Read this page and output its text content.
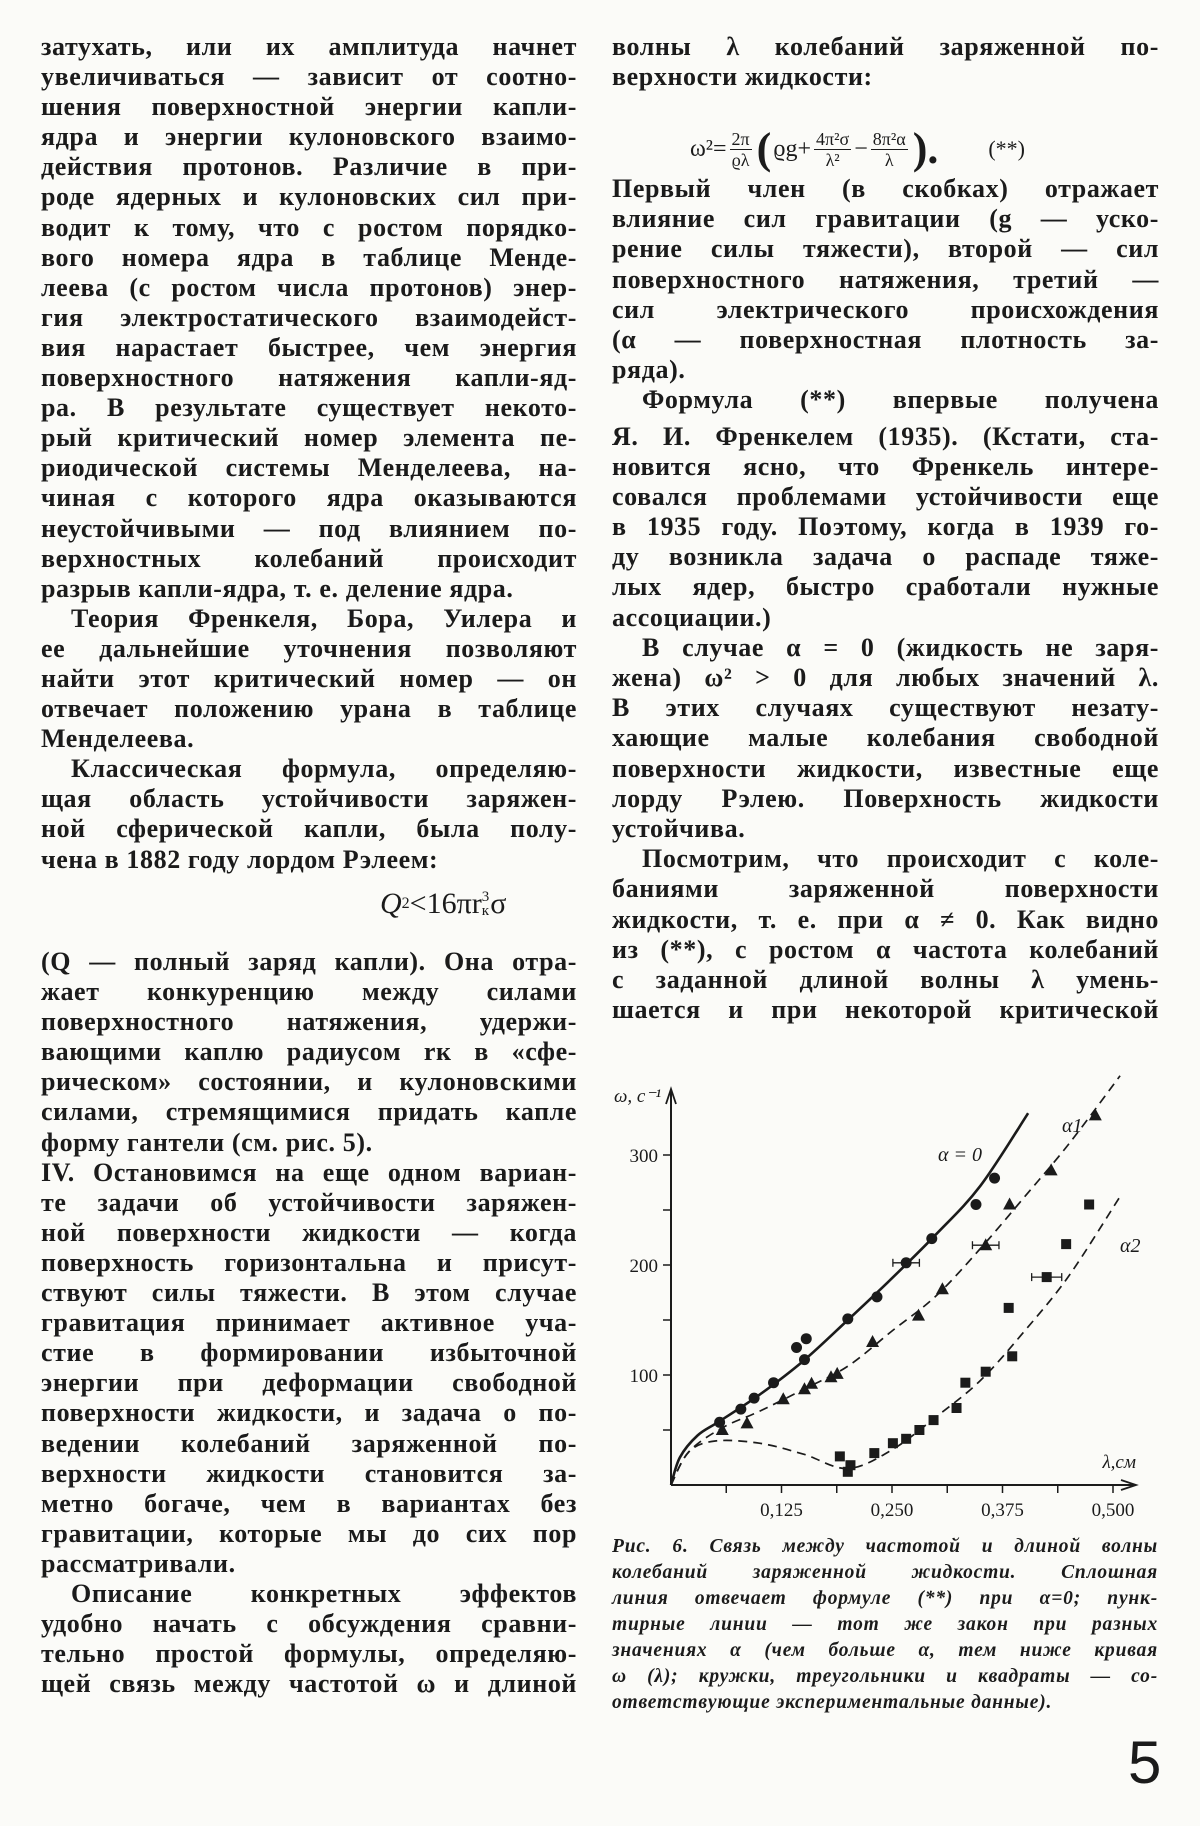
затухать, или их амплитуда начнет
увеличиваться — зависит от соотно-
шения поверхностной энергии капли-
ядра и энергии кулоновского взаимо-
действия протонов. Различие в при-
роде ядерных и кулоновских сил при-
водит к тому, что с ростом порядко-
вого номера ядра в таблице Менде-
леева (с ростом числа протонов) энер-
гия электростатического взаимодейст-
вия нарастает быстрее, чем энергия
поверхностного натяжения капли-яд-
ра. В результате существует некото-
рый критический номер элемента пе-
риодической системы Менделеева, на-
чиная с которого ядра оказываются
неустойчивыми — под влиянием по-
верхностных колебаний происходит
разрыв капли-ядра, т. е. деление ядра.
Теория Френкеля, Бора, Уилера и
ее дальнейшие уточнения позволяют
найти этот критический номер — он
отвечает положению урана в таблице
Менделеева.
Классическая формула, определяю-
щая область устойчивости заряжен-
ной сферической капли, была полу-
чена в 1882 году лордом Рэлеем:
Q 2 <16π r 3
к σ
(Q — полный заряд капли). Она отра-
жает конкуренцию между силами
поверхностного натяжения, удержи-
вающими каплю радиусом rк в «сфе-
рическом» состоянии, и кулоновскими
силами, стремящимися придать капле
форму гантели (см. рис. 5).
IV. Остановимся на еще одном вариан-
те задачи об устойчивости заряжен-
ной поверхности жидкости — когда
поверхность горизонтальна и присут-
ствуют силы тяжести. В этом случае
гравитация принимает активное уча-
стие в формировании избыточной
энергии при деформации свободной
поверхности жидкости, и задача о по-
ведении колебаний заряженной по-
верхности жидкости становится за-
метно богаче, чем в вариантах без
гравитации, которые мы до сих пор
рассматривали.
Описание конкретных эффектов
удобно начать с обсуждения сравни-
тельно простой формулы, определяю-
щей связь между частотой ω и длиной
волны λ колебаний заряженной по-
верхности жидкости:
$\omega^2= \frac{2\pi}{ϱ\lambda}$ ( $ϱg+ \frac{\text{4π²σ}}{\text{λ²}} - \frac{\text{8π²α}}{\lambda}$ ). (**)
Первый член (в скобках) отражает
влияние сил гравитации (g — уско-
рение силы тяжести), второй — сил
поверхностного натяжения, третий —
сил электрического происхождения
(α — поверхностная плотность за-
ряда).
Формула (**) впервые получена
Я. И. Френкелем (1935). (Кстати, ста-
новится ясно, что Френкель интере-
совался проблемами устойчивости еще
в 1935 году. Поэтому, когда в 1939 го-
ду возникла задача о распаде тяже-
лых ядер, быстро сработали нужные
ассоциации.)
В случае α = 0 (жидкость не заря-
жена) ω² > 0 для любых значений λ.
В этих случаях существуют незату-
хающие малые колебания свободной
поверхности жидкости, известные еще
лорду Рэлею. Поверхность жидкости
устойчива.
Посмотрим, что происходит с коле-
баниями заряженной поверхности
жидкости, т. е. при α ≠ 0. Как видно
из (**), с ростом α частота колебаний
с заданной длиной волны λ умень-
шается и при некоторой критической
0,125	0,250	0,375	0,500
100
200
300
ω, с⁻¹
λ,см
α = 0
α1
α2
Рис. 6. Связь между частотой и длиной волны
колебаний заряженной жидкости. Сплошная
линия отвечает формуле (**) при α=0; пунк-
тирные линии — тот же закон при разных
значениях α (чем больше α, тем ниже кривая
ω (λ); кружки, треугольники и квадраты — со-
ответствующие экспериментальные данные).
5
